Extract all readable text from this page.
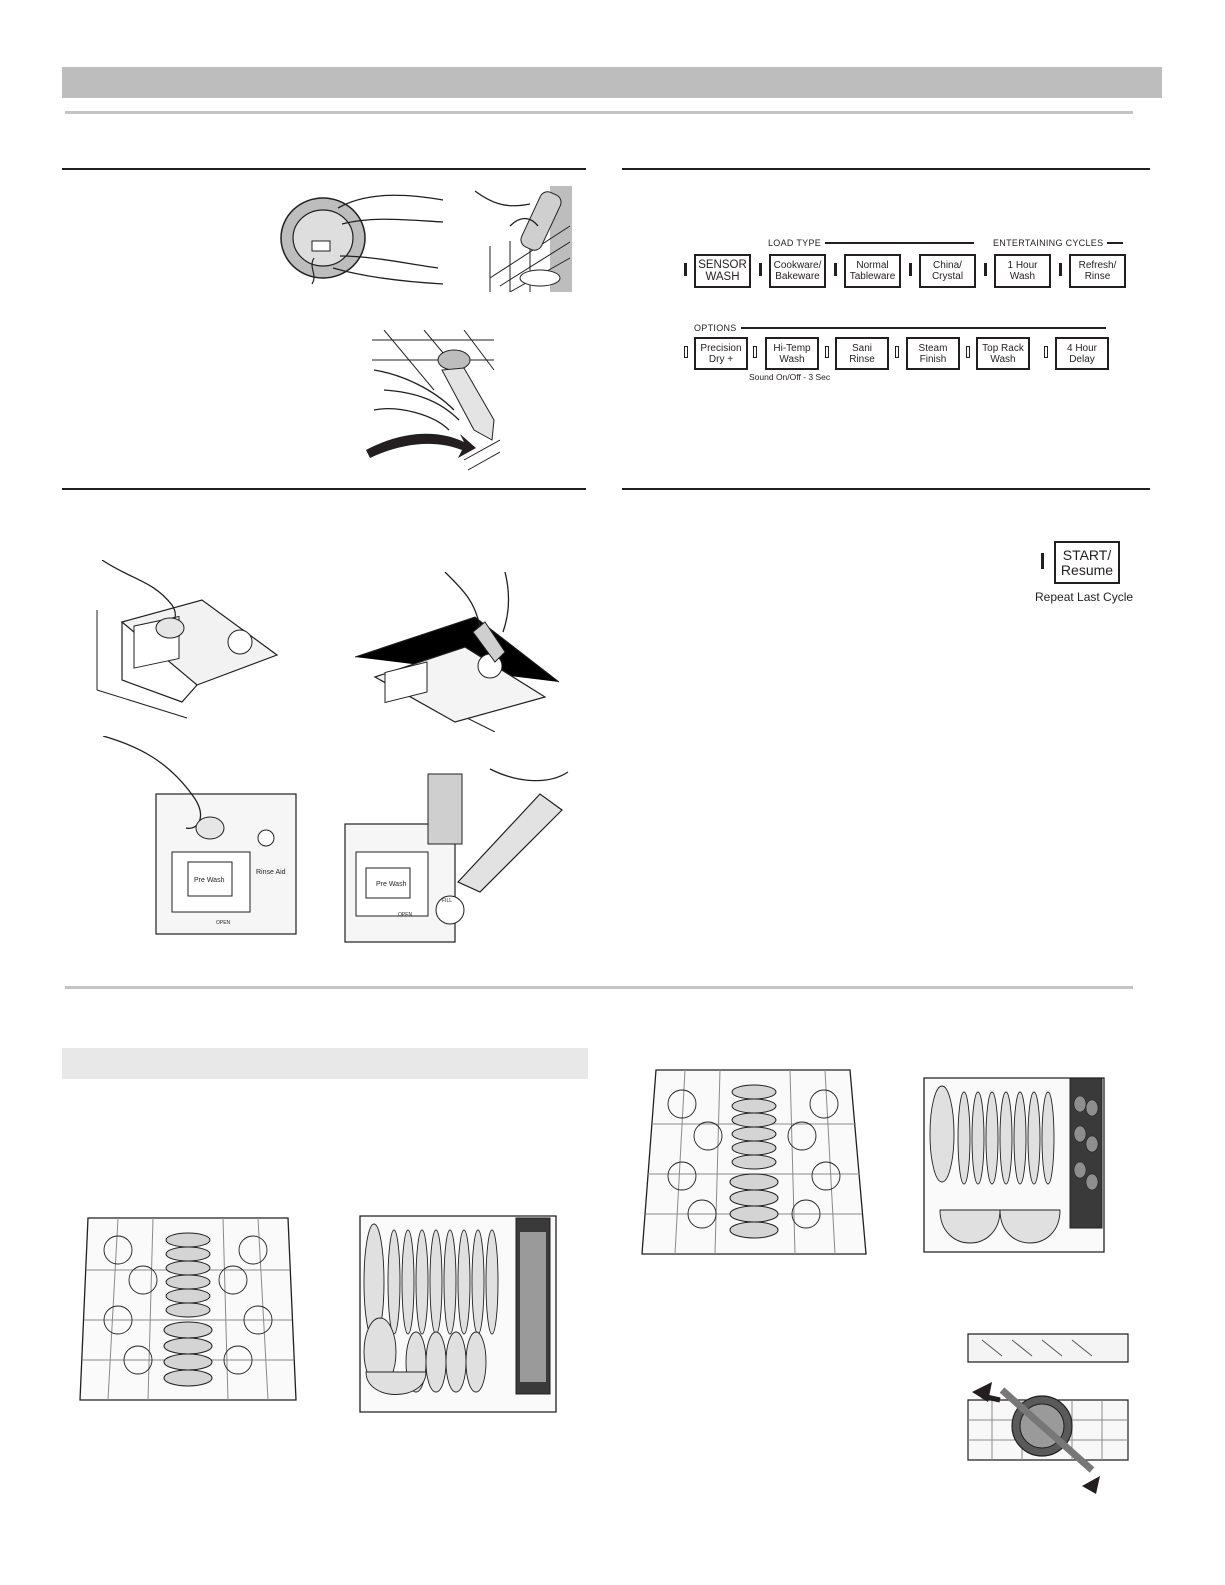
LOAD TYPE	ENTERTAINING CYCLES
SENSOR
WASH
Cookware/
Bakeware
Normal
Tableware
China/
Crystal
1 Hour
Wash
Refresh/
Rinse
OPTIONS
Precision
Dry +
Hi-Temp
Wash
Sani
Rinse
Steam
Finish
Top Rack
Wash
4 Hour
Delay
Sound On/Off - 3 Sec
START/
Resume
Repeat Last Cycle
Pre Wash
Rinse Aid
OPEN
Pre Wash
OPEN
FILL
